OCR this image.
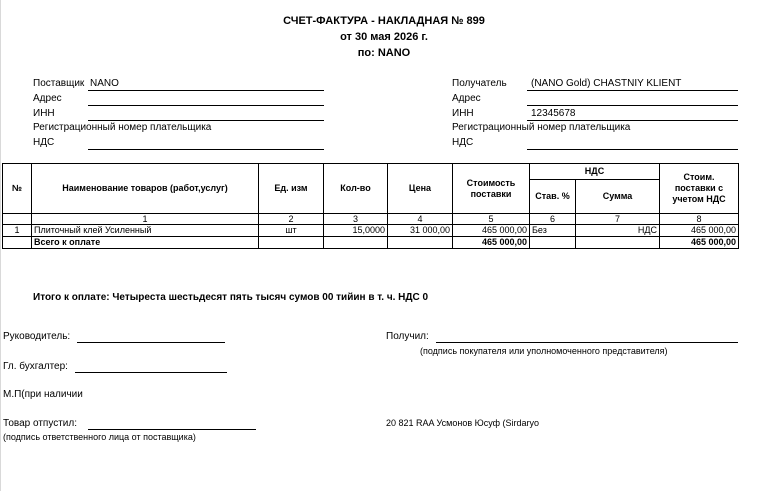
СЧЕТ-ФАКТУРА - НАКЛАДНАЯ № 899
от 30 мая 2026 г.
по: NANO
Поставщик NANO
Адрес
ИНН
Регистрационный номер плательщика
НДС
Получатель (NANO Gold) CHASTNIY KLIENT
Адрес
ИНН	12345678
Регистрационный номер плательщика
НДС
№	Наименование товаров (работ,услуг)	Ед. изм	Кол-во	Цена	Стоимость поставки	НДС		Стоим. поставки с учетом НДС
						Став. %	Сумма	
	1	2	3	4	5	6	7	8
1	Плиточный клей Усиленный	шт	15,0000	31 000,00	465 000,00	Без	НДС	465 000,00
	Всего к оплате				465 000,00			465 000,00
Итого к оплате: Четыреста шестьдесят пять тысяч сумов 00 тийин в т. ч. НДС 0
Руководитель:
Гл. бухгалтер:
М.П(при наличии
Товар отпустил:
(подпись ответственного лица от поставщика)
Получил:
(подпись покупателя или уполномоченного представителя)
20 821 RAA Усмонов Юсуф (Sirdaryo
